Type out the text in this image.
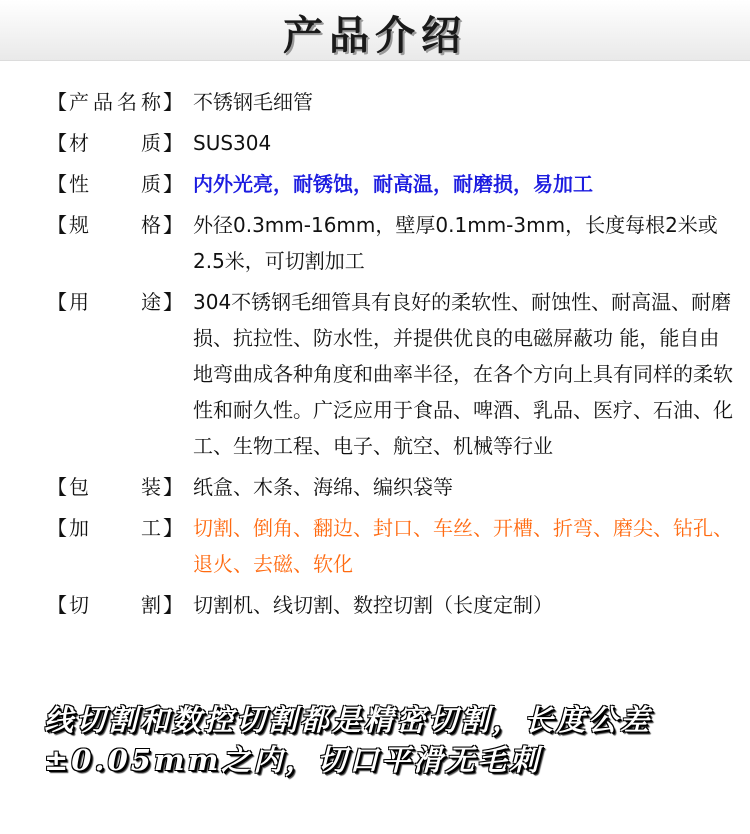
产品介绍
【 产 品 名 称 】 不锈钢毛细管
【 材	质 】 SUS304
【 性	质 】 内外光亮，耐锈蚀，耐高温，耐磨损，易加工
【 规	格 】 外径0.3mm-16mm，壁厚0.1mm-3mm，长度每根2米或2.5米，可切割加工
【 用	途 】 304不锈钢毛细管具有良好的柔软性、耐蚀性、耐高温、耐磨损、抗拉性、防水性，并提供优良的电磁屏蔽功 能，能自由地弯曲成各种角度和曲率半径，在各个方向上具有同样的柔软性和耐久性。广泛应用于食品、啤酒、乳品、医疗、石油、化工、生物工程、电子、航空、机械等行业
【 包	装 】 纸盒、木条、海绵、编织袋等
【 加	工 】 切割、倒角、翻边、封口、车丝、开槽、折弯、磨尖、钻孔、退火、去磁、软化
【 切	割 】 切割机、线切割、数控切割（长度定制）
线切割和数控切割都是精密切割，长度公差±0.05mm之内，切口平滑无毛刺
